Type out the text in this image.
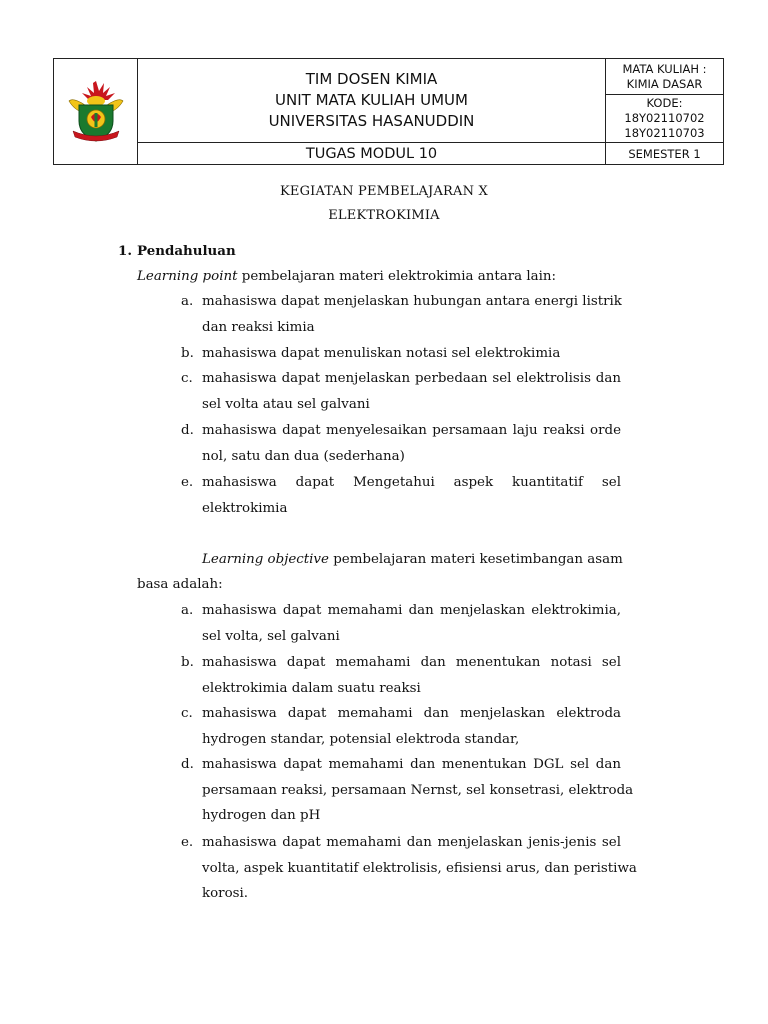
TIM DOSEN KIMIA
UNIT MATA KULIAH UMUM
UNIVERSITAS HASANUDDIN
TUGAS MODUL 10
MATA KULIAH :
KIMIA DASAR
KODE:
18Y02110702
18Y02110703
SEMESTER 1
KEGIATAN PEMBELAJARAN X
ELEKTROKIMIA
1. Pendahuluan
Learning point pembelajaran materi elektrokimia antara lain:
a. mahasiswa dapat menjelaskan hubungan antara energi listrik
dan reaksi kimia
b. mahasiswa dapat menuliskan notasi sel elektrokimia
c. mahasiswa dapat menjelaskan perbedaan sel elektrolisis dan
sel volta atau sel galvani
d. mahasiswa dapat menyelesaikan persamaan laju reaksi orde
nol, satu dan dua (sederhana)
e. mahasiswa dapat Mengetahui aspek kuantitatif sel
elektrokimia
Learning objective pembelajaran materi kesetimbangan asam
basa adalah:
a. mahasiswa dapat memahami dan menjelaskan elektrokimia,
sel volta, sel galvani
b. mahasiswa dapat memahami dan menentukan notasi sel
elektrokimia dalam suatu reaksi
c. mahasiswa dapat memahami dan menjelaskan elektroda
hydrogen standar, potensial elektroda standar,
d. mahasiswa dapat memahami dan menentukan DGL sel dan
persamaan reaksi, persamaan Nernst, sel konsetrasi, elektroda
hydrogen dan pH
e. mahasiswa dapat memahami dan menjelaskan jenis-jenis sel
volta, aspek kuantitatif elektrolisis, efisiensi arus, dan peristiwa
korosi.
